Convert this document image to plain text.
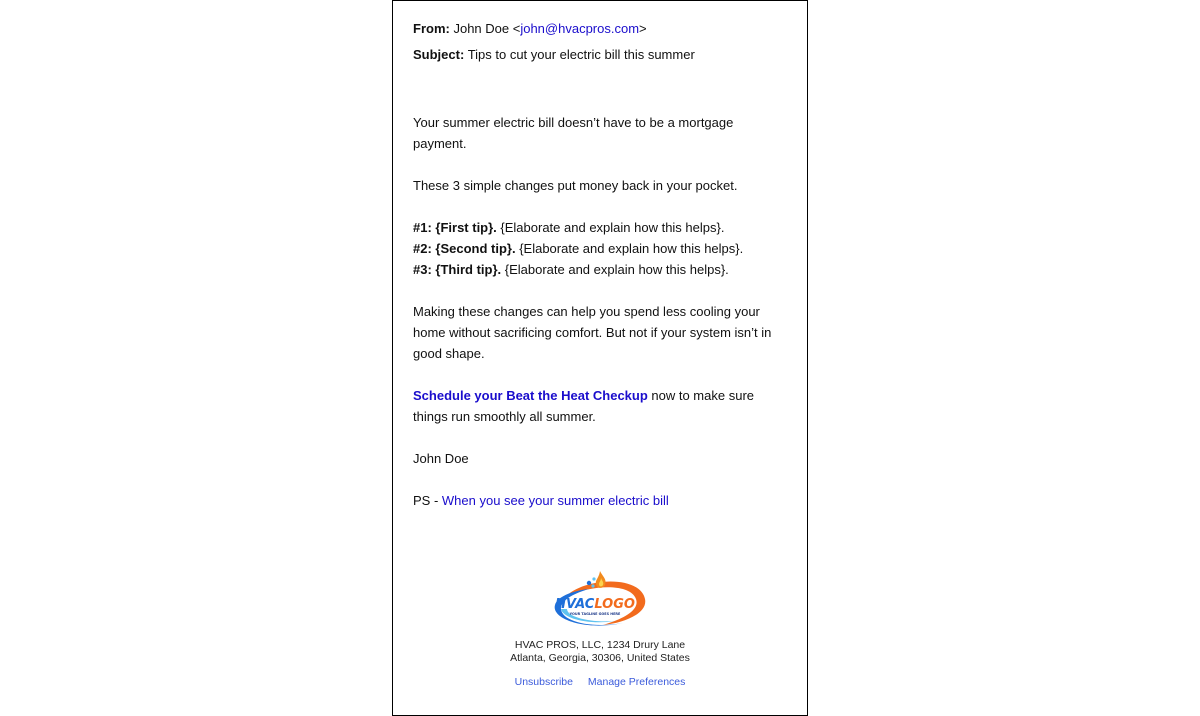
From: John Doe <john@hvacpros.com>
Subject: Tips to cut your electric bill this summer

Your summer electric bill doesn’t have to be a mortgage payment.

These 3 simple changes put money back in your pocket.

#1: {First tip}. {Elaborate and explain how this helps}.
#2: {Second tip}. {Elaborate and explain how this helps}.
#3: {Third tip}. {Elaborate and explain how this helps}.

Making these changes can help you spend less cooling your home without sacrificing comfort. But not if your system isn’t in good shape.

Schedule your Beat the Heat Checkup now to make sure things run smoothly all summer.

John Doe

PS - When you see your summer electric bill

HVACLOGO
YOUR TAGLINE GOES HERE
HVAC PROS, LLC, 1234 Drury Lane
Atlanta, Georgia, 30306, United States
Unsubscribe Manage Preferences
